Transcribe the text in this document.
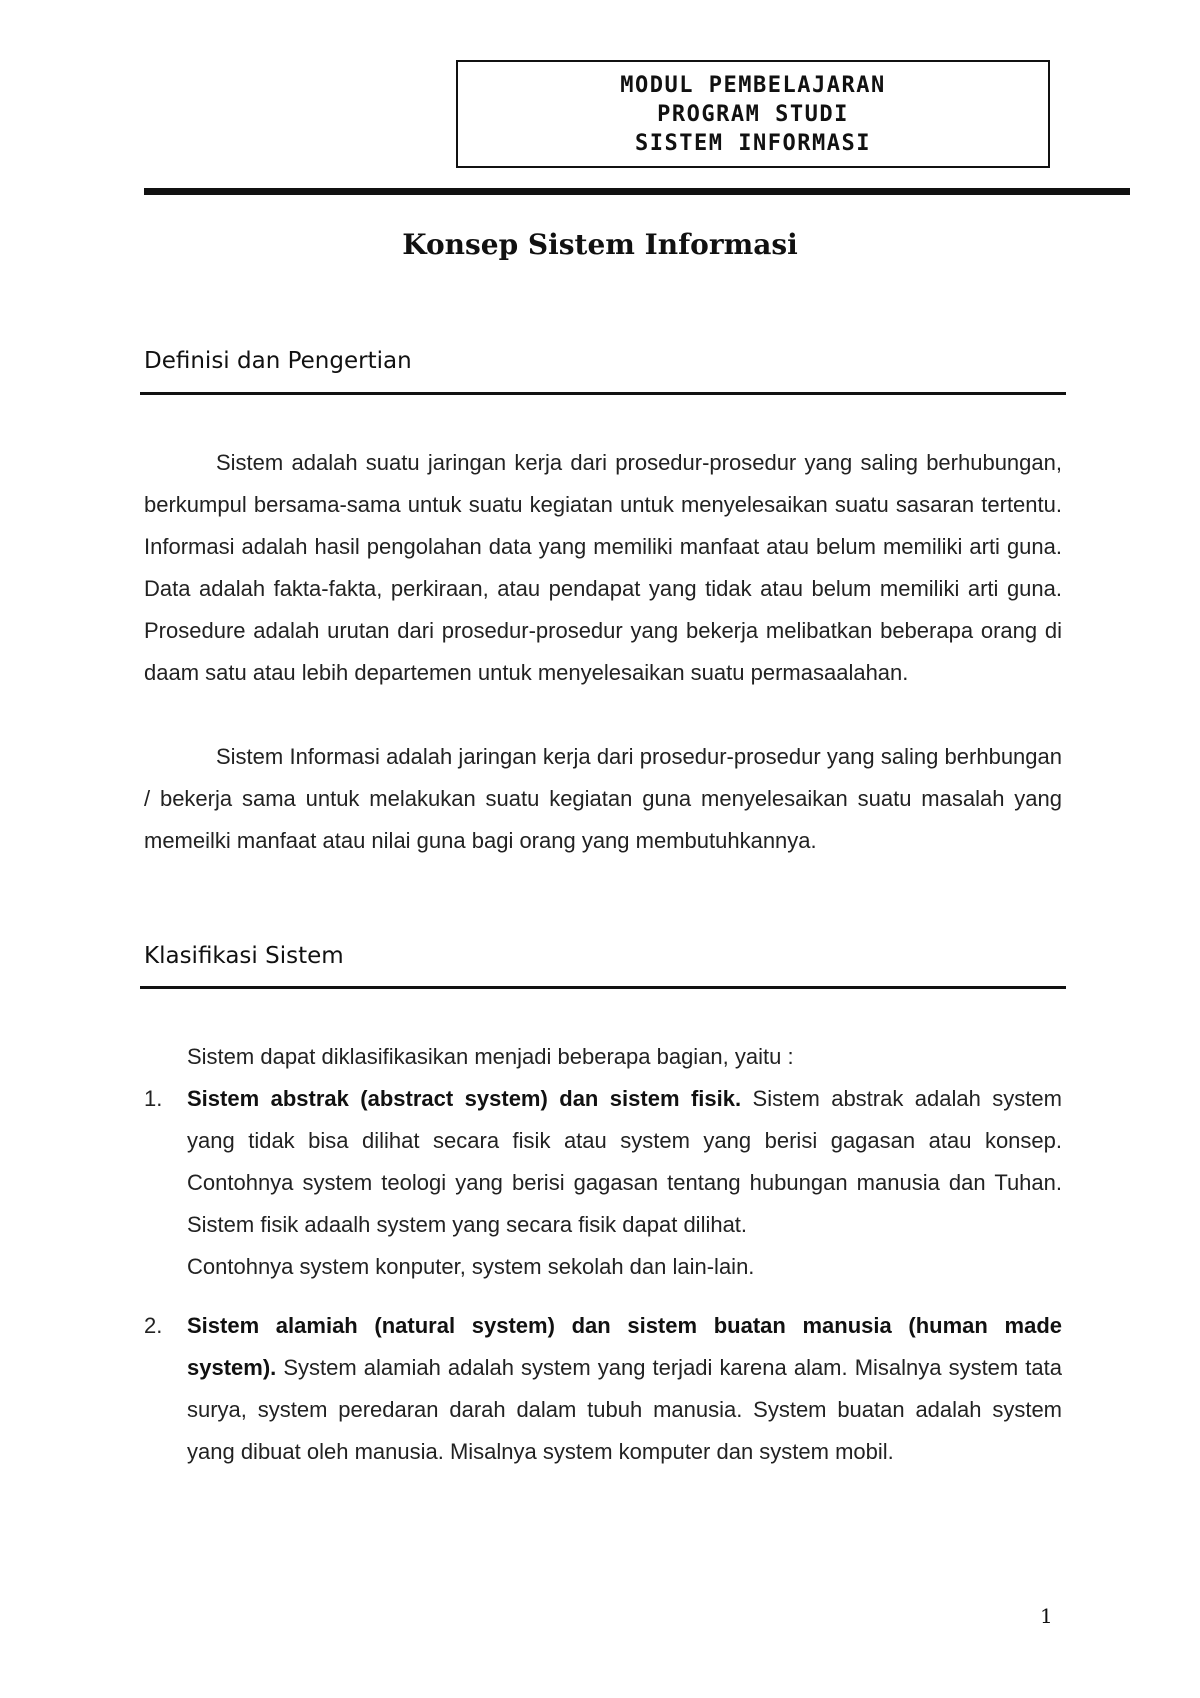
MODUL PEMBELAJARAN
PROGRAM STUDI
SISTEM INFORMASI
Konsep Sistem Informasi
Definisi dan Pengertian

Sistem adalah suatu jaringan kerja dari prosedur-prosedur yang saling berhubungan, berkumpul bersama-sama untuk suatu kegiatan untuk menyelesaikan suatu sasaran tertentu. Informasi adalah hasil pengolahan data yang memiliki manfaat atau belum memiliki arti guna. Data adalah fakta-fakta, perkiraan, atau pendapat yang tidak atau belum memiliki arti guna. Prosedure adalah urutan dari prosedur-prosedur yang bekerja melibatkan beberapa orang di daam satu atau lebih departemen untuk menyelesaikan suatu permasaalahan.

Sistem Informasi adalah jaringan kerja dari prosedur-prosedur yang saling berhbungan / bekerja sama untuk melakukan suatu kegiatan guna menyelesaikan suatu masalah yang memeilki manfaat atau nilai guna bagi orang yang membutuhkannya.

Klasifikasi Sistem

Sistem dapat diklasifikasikan menjadi beberapa bagian, yaitu :

1. Sistem abstrak (abstract system) dan sistem fisik. Sistem abstrak adalah system yang tidak bisa dilihat secara fisik atau system yang berisi gagasan atau konsep. Contohnya system teologi yang berisi gagasan tentang hubungan manusia dan Tuhan. Sistem fisik adaalh system yang secara fisik dapat dilihat.

Contohnya system konputer, system sekolah dan lain-lain.

2. Sistem alamiah (natural system) dan sistem buatan manusia (human made system). System alamiah adalah system yang terjadi karena alam. Misalnya system tata surya, system peredaran darah dalam tubuh manusia. System buatan adalah system yang dibuat oleh manusia. Misalnya system komputer dan system mobil.

1
